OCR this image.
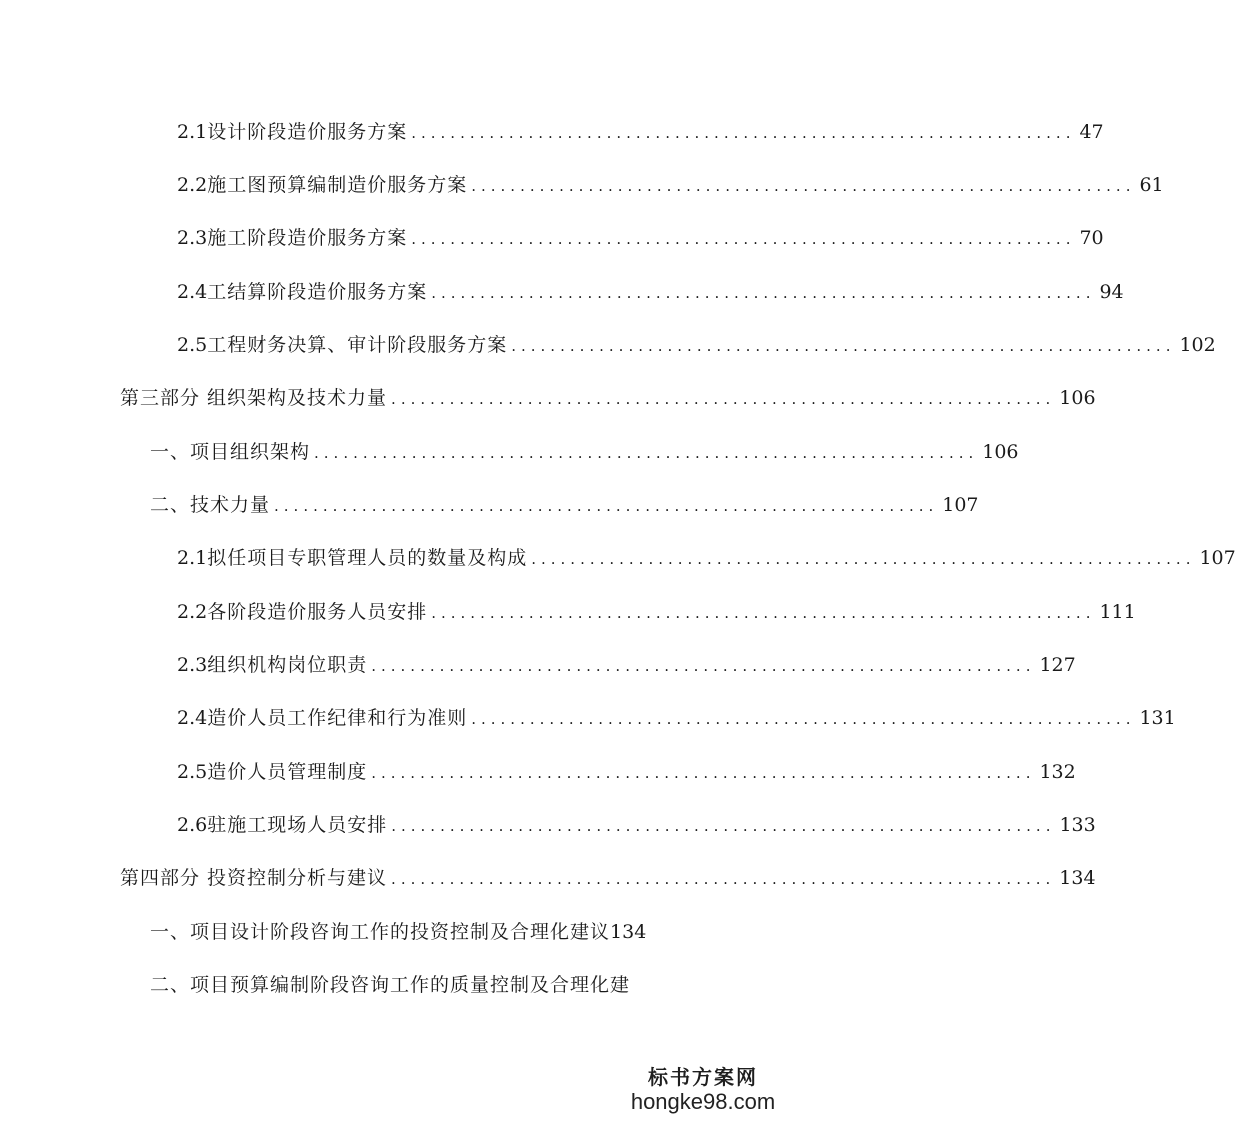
2.1 设计阶段造价服务方案 .................................................................... 47
2.2 施工图预算编制造价服务方案 .................................................................... 61
2.3 施工阶段造价服务方案 .................................................................... 70
2.4 工结算阶段造价服务方案 .................................................................... 94
2.5 工程财务决算、审计阶段服务方案 .................................................................... 102
第三部分 组织架构及技术力量 .................................................................... 106
一、项目组织架构 .................................................................... 106
二、技术力量 .................................................................... 107
2.1 拟任项目专职管理人员的数量及构成 .................................................................... 107
2.2 各阶段造价服务人员安排 .................................................................... 111
2.3 组织机构岗位职责 .................................................................... 127
2.4 造价人员工作纪律和行为准则 .................................................................... 131
2.5 造价人员管理制度 .................................................................... 132
2.6 驻施工现场人员安排 .................................................................... 133
第四部分 投资控制分析与建议 .................................................................... 134
一、项目设计阶段咨询工作的投资控制及合理化建议 134
二、项目预算编制阶段咨询工作的质量控制及合理化建
标书方案网
hongke98.com
